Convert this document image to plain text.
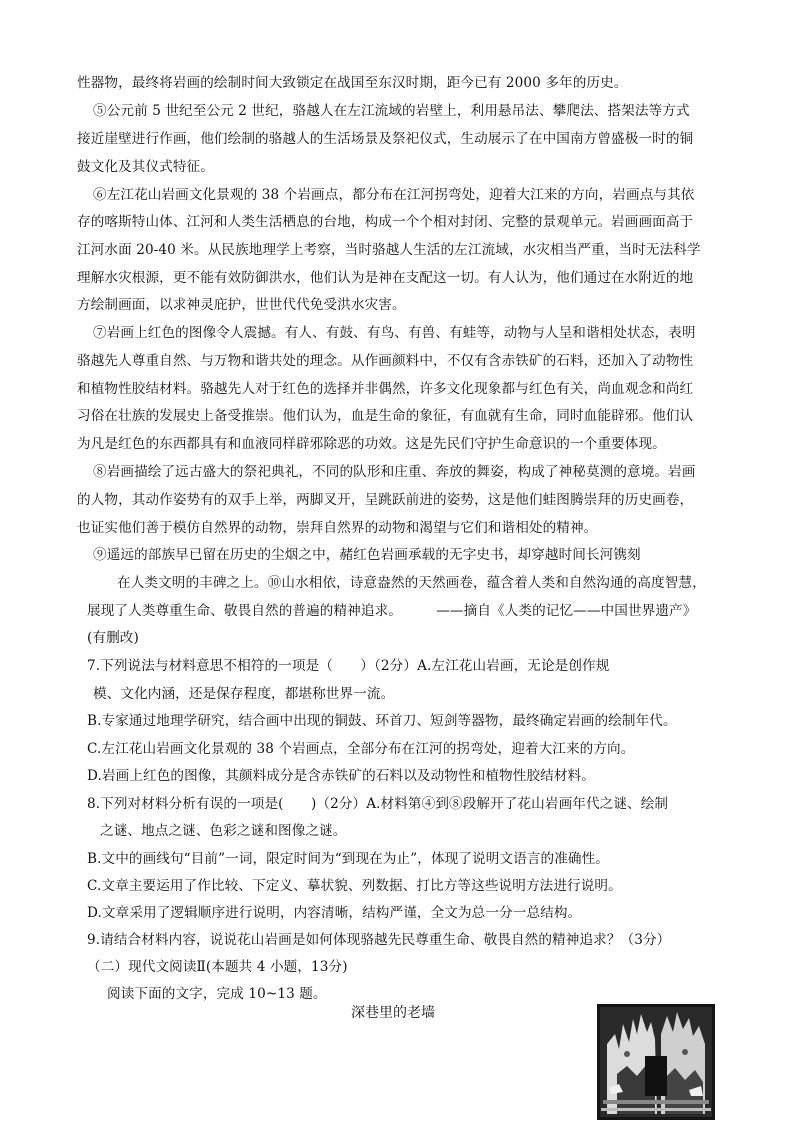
性器物，最终将岩画的绘制时间大致锁定在战国至东汉时期，距今已有 2000 多年的历史。
⑤公元前 5 世纪至公元 2 世纪，骆越人在左江流域的岩壁上，利用悬吊法、攀爬法、搭架法等方式
接近崖壁进行作画，他们绘制的骆越人的生活场景及祭祀仪式，生动展示了在中国南方曾盛极一时的铜
鼓文化及其仪式特征。
⑥左江花山岩画文化景观的 38 个岩画点，都分布在江河拐弯处，迎着大江来的方向，岩画点与其依
存的喀斯特山体、江河和人类生活栖息的台地，构成一个个相对封闭、完整的景观单元。岩画画面高于
江河水面 20-40 米。从民族地理学上考察，当时骆越人生活的左江流域，水灾相当严重，当时无法科学
理解水灾根源，更不能有效防御洪水，他们认为是神在支配这一切。有人认为，他们通过在水附近的地
方绘制画面，以求神灵庇护，世世代代免受洪水灾害。
⑦岩画上红色的图像令人震撼。有人、有鼓、有鸟、有兽、有蛙等，动物与人呈和谐相处状态，表明
骆越先人尊重自然、与万物和谐共处的理念。从作画颜料中，不仅有含赤铁矿的石料，还加入了动物性
和植物性胶结材料。骆越先人对于红色的选择并非偶然，许多文化现象都与红色有关，尚血观念和尚红
习俗在壮族的发展史上备受推崇。他们认为，血是生命的象征，有血就有生命，同时血能辟邪。他们认
为凡是红色的东西都具有和血液同样辟邪除恶的功效。这是先民们守护生命意识的一个重要体现。
⑧岩画描绘了远古盛大的祭祀典礼，不同的队形和庄重、奔放的舞姿，构成了神秘莫测的意境。岩画
的人物，其动作姿势有的双手上举，两脚叉开，呈跳跃前进的姿势，这是他们蛙图腾崇拜的历史画卷，
也证实他们善于模仿自然界的动物，崇拜自然界的动物和渴望与它们和谐相处的精神。
⑨遥远的部族早已留在历史的尘烟之中，赭红色岩画承载的无字史书，却穿越时间长河镌刻
在人类文明的丰碑之上。⑩山水相依，诗意盎然的天然画卷，蕴含着人类和自然沟通的高度智慧，
展现了人类尊重生命、敬畏自然的普遍的精神追求。　　　——摘自《人类的记忆——中国世界遗产》
(有删改)
7.下列说法与材料意思不相符的一项是（　　）（2分）A.左江花山岩画，无论是创作规
模、文化内涵，还是保存程度，都堪称世界一流。
B.专家通过地理学研究，结合画中出现的铜鼓、环首刀、短剑等器物，最终确定岩画的绘制年代。
C.左江花山岩画文化景观的 38 个岩画点，全部分布在江河的拐弯处，迎着大江来的方向。
D.岩画上红色的图像，其颜料成分是含赤铁矿的石料以及动物性和植物性胶结材料。
8.下列对材料分析有误的一项是(　　)（2分）A.材料第④到⑧段解开了花山岩画年代之谜、绘制
之谜、地点之谜、色彩之谜和图像之谜。
B.文中的画线句“目前”一词，限定时间为“到现在为止”，体现了说明文语言的准确性。
C.文章主要运用了作比较、下定义、摹状貌、列数据、打比方等这些说明方法进行说明。
D.文章采用了逻辑顺序进行说明，内容清晰，结构严谨，全文为总一分一总结构。
9.请结合材料内容，说说花山岩画是如何体现骆越先民尊重生命、敬畏自然的精神追求？（3分）
（二）现代文阅读Ⅱ(本题共 4 小题，13分)
阅读下面的文字，完成 10~13 题。
深巷里的老墙
